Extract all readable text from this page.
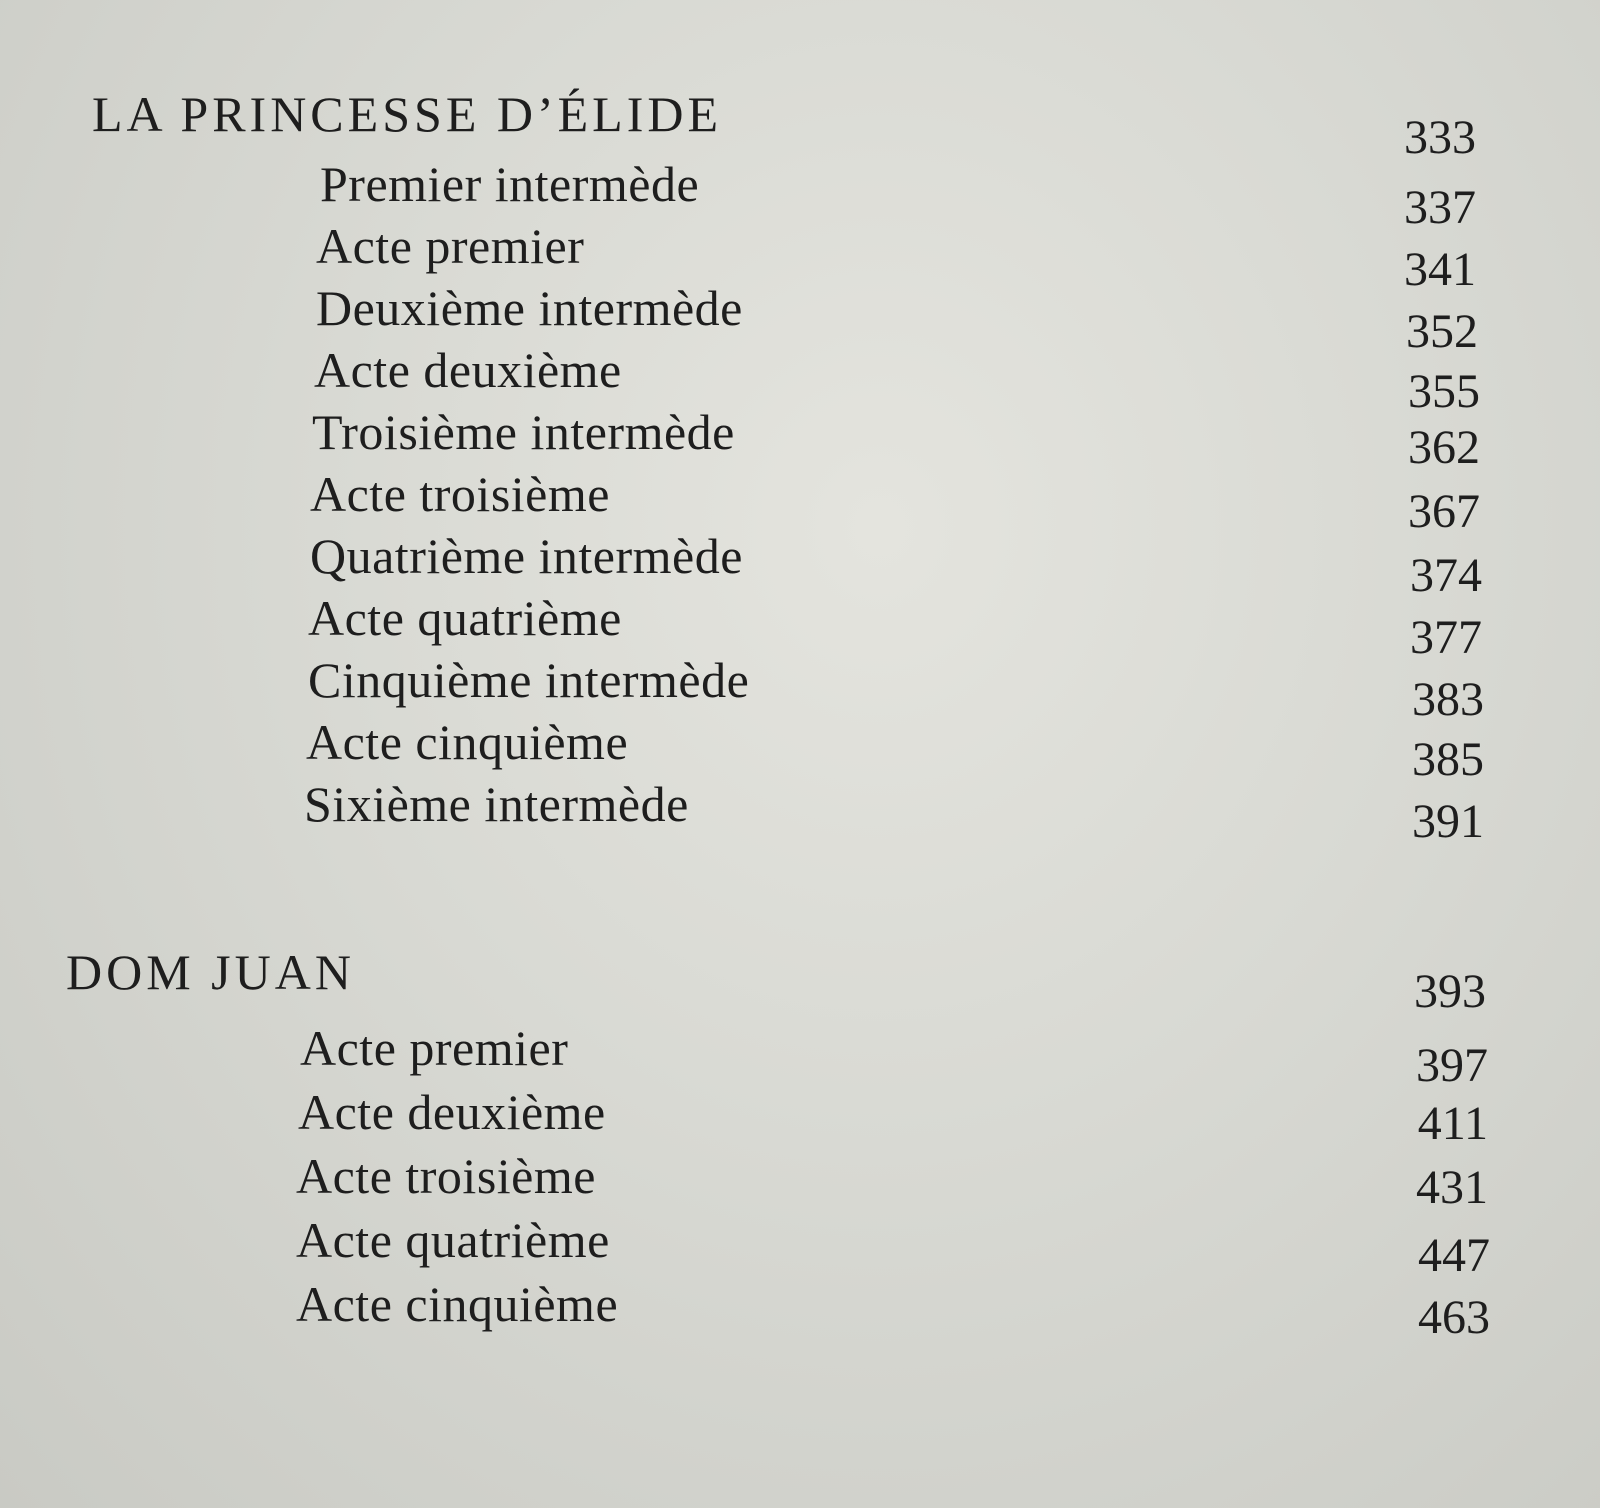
LA PRINCESSE D’ÉLIDE	333
Premier intermède	337
Acte premier	341
Deuxième intermède	352
Acte deuxième	355
Troisième intermède	362
Acte troisième	367
Quatrième intermède	374
Acte quatrième	377
Cinquième intermède	383
Acte cinquième	385
Sixième intermède	391
DOM JUAN	393
Acte premier	397
Acte deuxième	411
Acte troisième	431
Acte quatrième	447
Acte cinquième	463
